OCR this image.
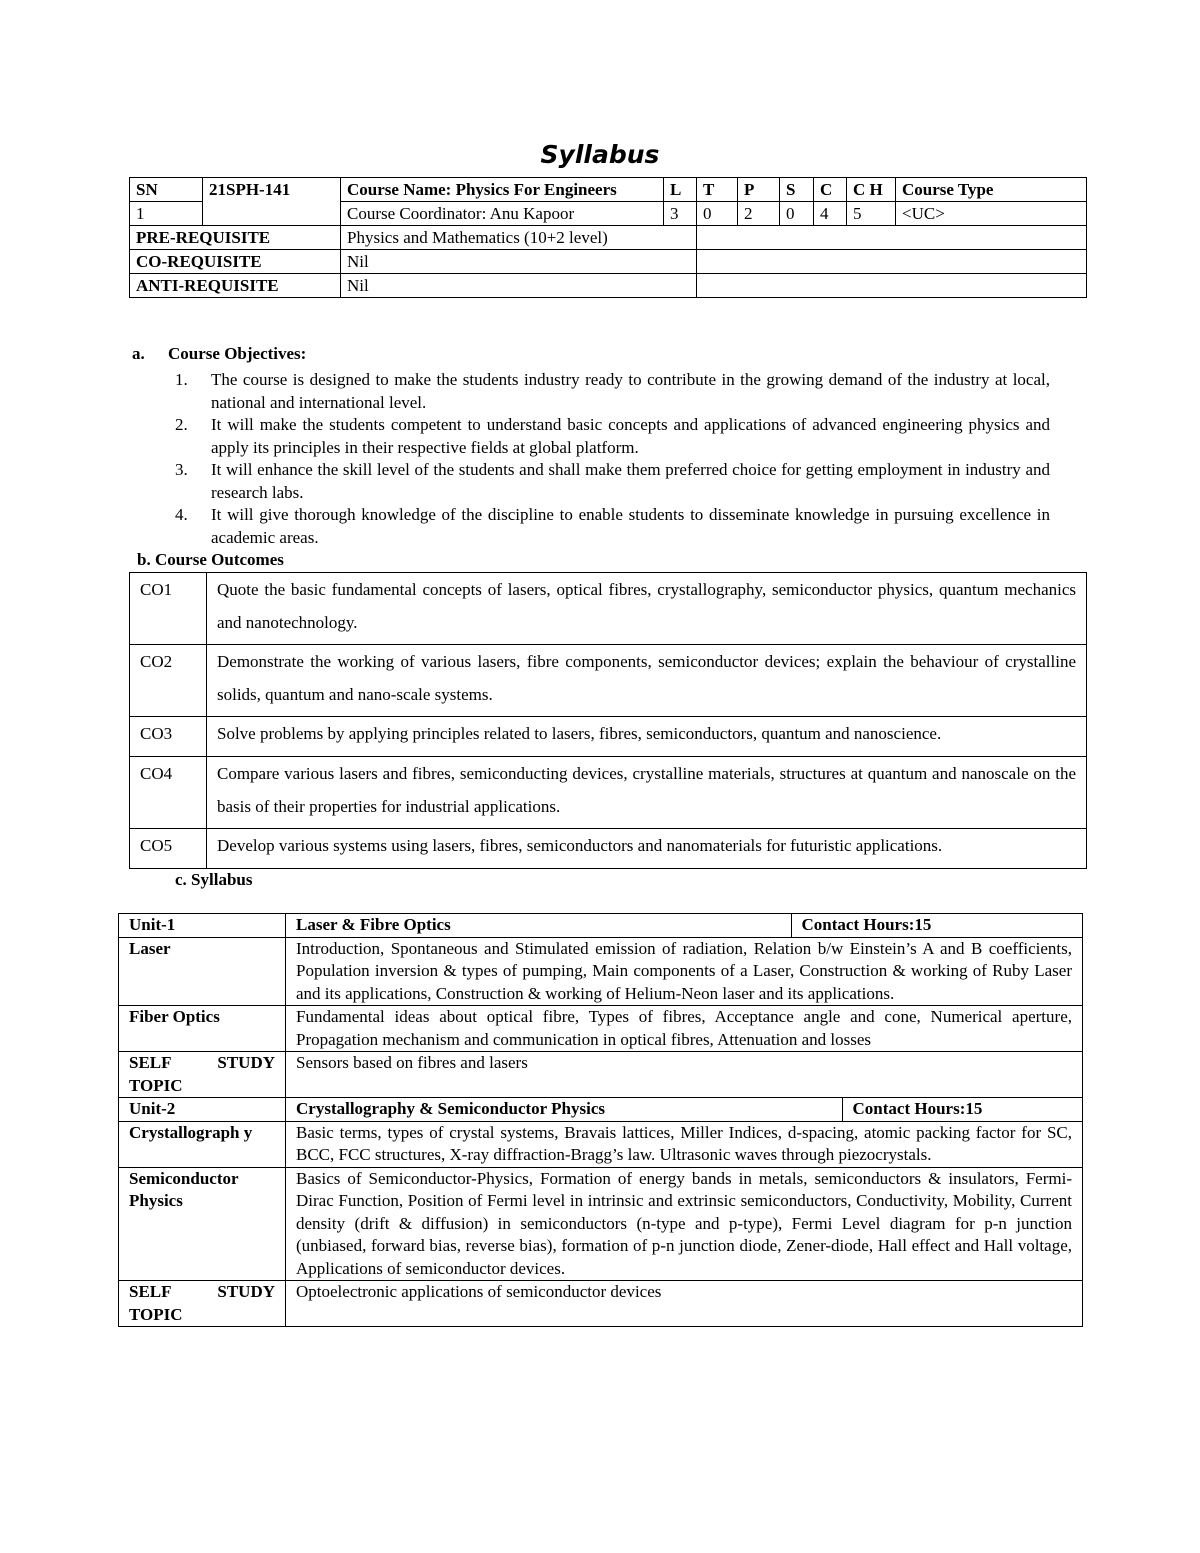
Syllabus
SN	21SPH-141	Course Name: Physics For Engineers	L	T	P	S	C	C H	Course Type
1		Course Coordinator: Anu Kapoor	3	0	2	0	4	5	<UC>
PRE-REQUISITE		Physics and Mathematics (10+2 level)							
CO-REQUISITE		Nil							
ANTI-REQUISITE		Nil							
a. Course Objectives:
1.	The course is designed to make the students industry ready to contribute in the growing demand of the industry at local, national and international level.
2.	It will make the students competent to understand basic concepts and applications of advanced engineering physics and apply its principles in their respective fields at global platform.
3.	It will enhance the skill level of the students and shall make them preferred choice for getting employment in industry and research labs.
4.	It will give thorough knowledge of the discipline to enable students to disseminate knowledge in pursuing excellence in academic areas.
b. Course Outcomes
CO1	Quote the basic fundamental concepts of lasers, optical fibres, crystallography, semiconductor physics, quantum mechanics and nanotechnology.
CO2	Demonstrate the working of various lasers, fibre components, semiconductor devices; explain the behaviour of crystalline solids, quantum and nano-scale systems.
CO3	Solve problems by applying principles related to lasers, fibres, semiconductors, quantum and nanoscience.
CO4	Compare various lasers and fibres, semiconducting devices, crystalline materials, structures at quantum and nanoscale on the basis of their properties for industrial applications.
CO5	Develop various systems using lasers, fibres, semiconductors and nanomaterials for futuristic applications.
c. Syllabus
Unit-1		Laser & Fibre Optics	Contact Hours:15

Laser	Introduction, Spontaneous and Stimulated emission of radiation, Relation b/w Einstein’s A and B coefficients, Population inversion & types of pumping, Main components of a Laser, Construction & working of Ruby Laser and its applications, Construction & working of Helium-Neon laser and its applications.
Fiber Optics	Fundamental ideas about optical fibre, Types of fibres, Acceptance angle and cone, Numerical aperture, Propagation mechanism and communication in optical fibres, Attenuation and losses
SELF STUDY TOPIC	Sensors based on fibres and lasers
Unit-2		Crystallography & Semiconductor Physics	Contact Hours:15

Crystallograph y	Basic terms, types of crystal systems, Bravais lattices, Miller Indices, d-spacing, atomic packing factor for SC, BCC, FCC structures, X-ray diffraction-Bragg’s law. Ultrasonic waves through piezocrystals.
Semiconductor Physics	Basics of Semiconductor-Physics, Formation of energy bands in metals, semiconductors & insulators, Fermi-Dirac Function, Position of Fermi level in intrinsic and extrinsic semiconductors, Conductivity, Mobility, Current density (drift & diffusion) in semiconductors (n-type and p-type), Fermi Level diagram for p-n junction (unbiased, forward bias, reverse bias), formation of p-n junction diode, Zener-diode, Hall effect and Hall voltage, Applications of semiconductor devices.
SELF STUDY TOPIC	Optoelectronic applications of semiconductor devices
